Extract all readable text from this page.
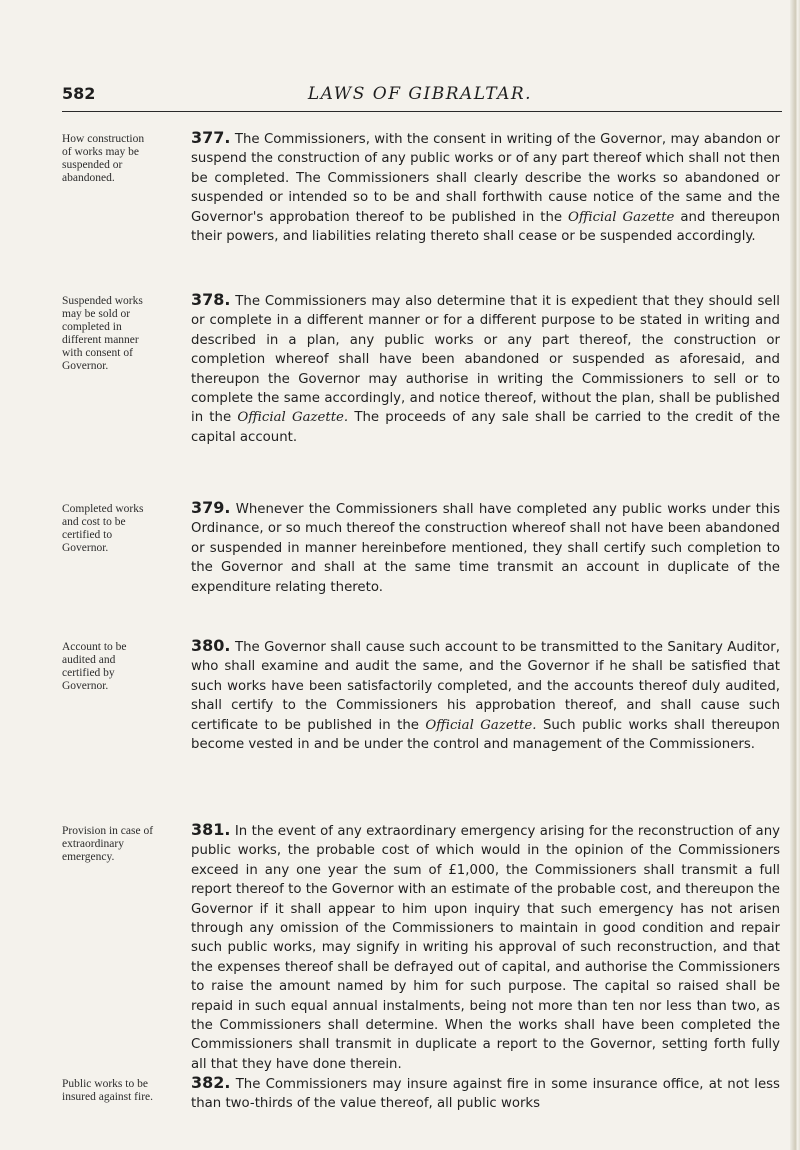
582	LAWS OF GIBRALTAR.
How construction of works may be suspended or abandoned.

377. The Commissioners, with the consent in writing of the Governor, may abandon or suspend the construction of any public works or of any part thereof which shall not then be completed. The Commissioners shall clearly describe the works so abandoned or suspended or intended so to be and shall forthwith cause notice of the same and the Governor's approbation thereof to be published in the Official Gazette and thereupon their powers, and liabilities relating thereto shall cease or be suspended accordingly.

Suspended works may be sold or completed in different manner with consent of Governor.

378. The Commissioners may also determine that it is expedient that they should sell or complete in a different manner or for a different purpose to be stated in writing and described in a plan, any public works or any part thereof, the construction or completion whereof shall have been abandoned or suspended as aforesaid, and thereupon the Governor may authorise in writing the Commissioners to sell or to complete the same accordingly, and notice thereof, without the plan, shall be published in the Official Gazette. The proceeds of any sale shall be carried to the credit of the capital account.

Completed works and cost to be certified to Governor.

379. Whenever the Commissioners shall have completed any public works under this Ordinance, or so much thereof the construction whereof shall not have been abandoned or suspended in manner hereinbefore mentioned, they shall certify such completion to the Governor and shall at the same time transmit an account in duplicate of the expenditure relating thereto.

Account to be audited and certified by Governor.

380. The Governor shall cause such account to be transmitted to the Sanitary Auditor, who shall examine and audit the same, and the Governor if he shall be satisfied that such works have been satisfactorily completed, and the accounts thereof duly audited, shall certify to the Commissioners his approbation thereof, and shall cause such certificate to be published in the Official Gazette. Such public works shall thereupon become vested in and be under the control and management of the Commissioners.

Provision in case of extraordinary emergency.

381. In the event of any extraordinary emergency arising for the reconstruction of any public works, the probable cost of which would in the opinion of the Commissioners exceed in any one year the sum of £1,000, the Commissioners shall transmit a full report thereof to the Governor with an estimate of the probable cost, and thereupon the Governor if it shall appear to him upon inquiry that such emergency has not arisen through any omission of the Commissioners to maintain in good condition and repair such public works, may signify in writing his approval of such reconstruction, and that the expenses thereof shall be defrayed out of capital, and authorise the Commissioners to raise the amount named by him for such purpose. The capital so raised shall be repaid in such equal annual instalments, being not more than ten nor less than two, as the Commissioners shall determine. When the works shall have been completed the Commissioners shall transmit in duplicate a report to the Governor, setting forth fully all that they have done therein.

Public works to be insured against fire.

382. The Commissioners may insure against fire in some insurance office, at not less than two-thirds of the value thereof, all public works
